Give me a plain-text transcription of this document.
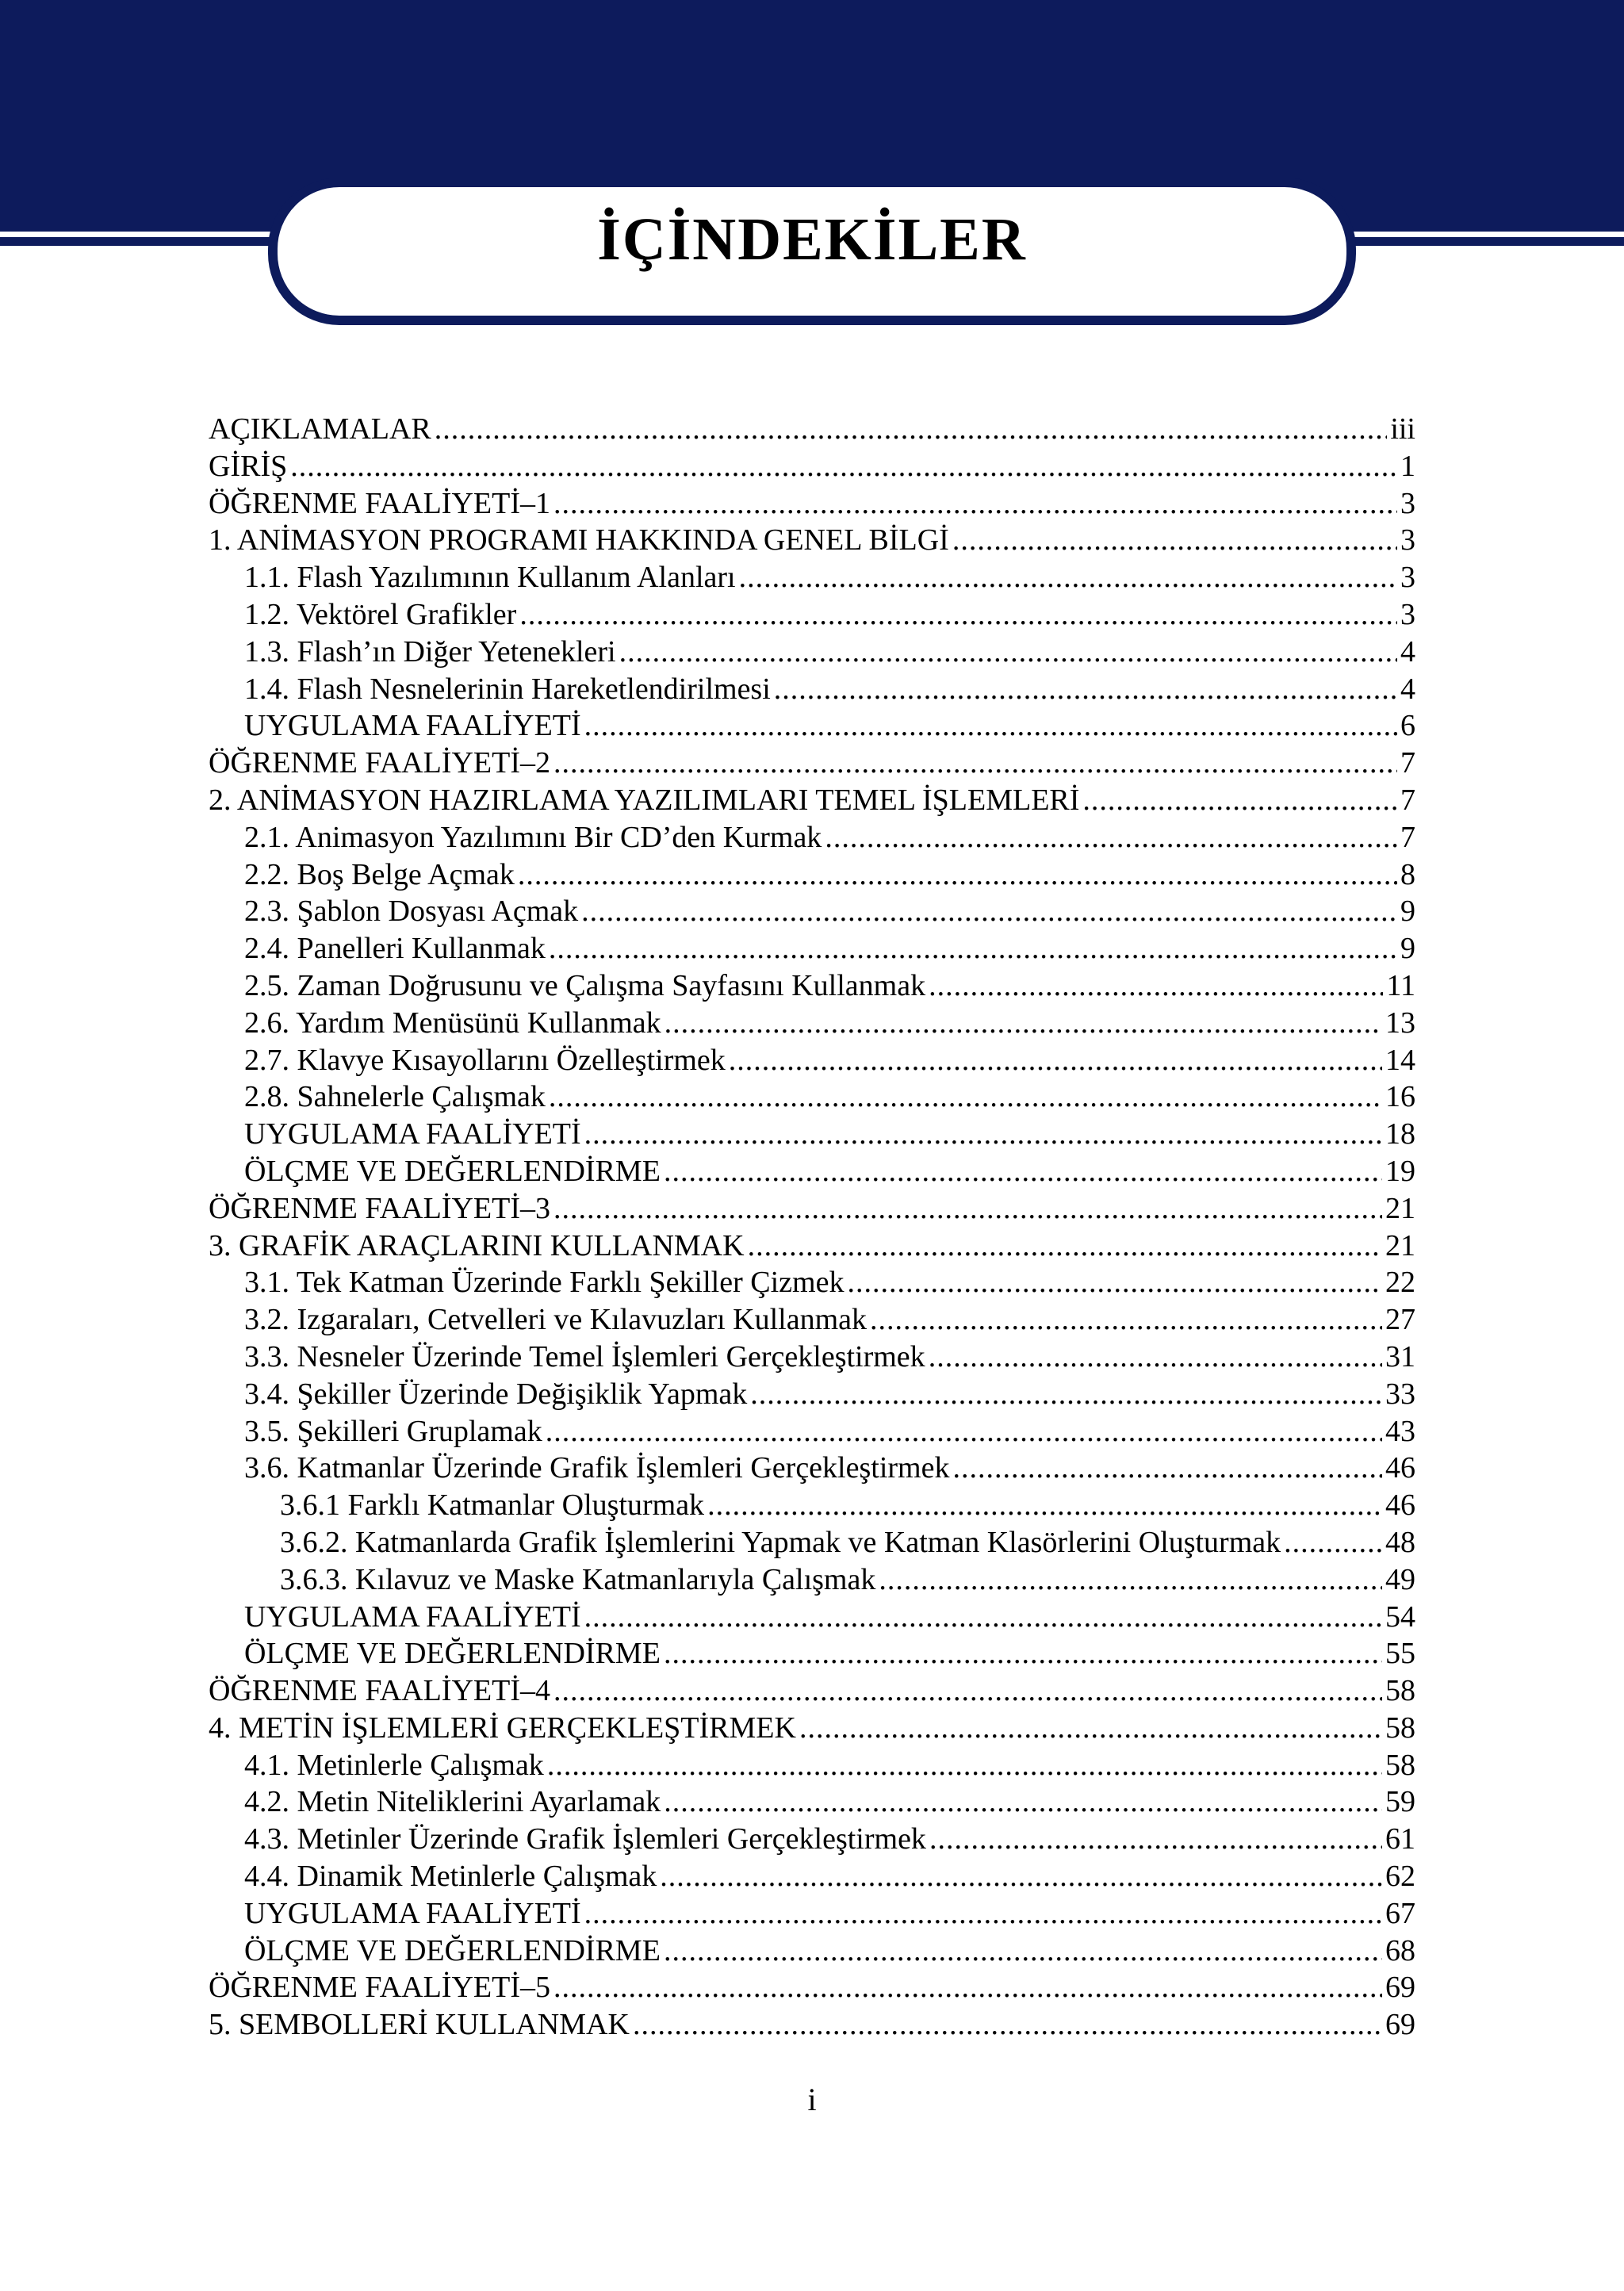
İÇİNDEKİLER
AÇIKLAMALAR .....	iii
GİRİŞ .....	1
ÖĞRENME FAALİYETİ–1 .....	3
1. ANİMASYON PROGRAMI HAKKINDA GENEL BİLGİ .....	3
1.1. Flash Yazılımının Kullanım Alanları .....	3
1.2. Vektörel Grafikler .....	3
1.3. Flash’ın Diğer Yetenekleri .....	4
1.4. Flash Nesnelerinin Hareketlendirilmesi .....	4
UYGULAMA FAALİYETİ .....	6
ÖĞRENME FAALİYETİ–2 .....	7
2. ANİMASYON HAZIRLAMA YAZILIMLARI TEMEL İŞLEMLERİ .....	7
2.1. Animasyon Yazılımını Bir CD’den Kurmak .....	7
2.2. Boş Belge Açmak .....	8
2.3. Şablon Dosyası Açmak .....	9
2.4. Panelleri Kullanmak .....	9
2.5. Zaman Doğrusunu ve Çalışma Sayfasını Kullanmak .....	11
2.6. Yardım Menüsünü Kullanmak .....	13
2.7. Klavye Kısayollarını Özelleştirmek .....	14
2.8. Sahnelerle Çalışmak .....	16
UYGULAMA FAALİYETİ .....	18
ÖLÇME VE DEĞERLENDİRME .....	19
ÖĞRENME FAALİYETİ–3 .....	21
3. GRAFİK ARAÇLARINI KULLANMAK .....	21
3.1. Tek Katman Üzerinde Farklı Şekiller Çizmek .....	22
3.2. Izgaraları, Cetvelleri ve Kılavuzları Kullanmak .....	27
3.3. Nesneler Üzerinde Temel İşlemleri Gerçekleştirmek .....	31
3.4. Şekiller Üzerinde Değişiklik Yapmak .....	33
3.5. Şekilleri Gruplamak .....	43
3.6. Katmanlar Üzerinde Grafik İşlemleri Gerçekleştirmek .....	46
3.6.1 Farklı Katmanlar Oluşturmak .....	46
3.6.2. Katmanlarda Grafik İşlemlerini Yapmak ve Katman Klasörlerini Oluşturmak .....	48
3.6.3. Kılavuz ve Maske Katmanlarıyla Çalışmak .....	49
UYGULAMA FAALİYETİ .....	54
ÖLÇME VE DEĞERLENDİRME .....	55
ÖĞRENME FAALİYETİ–4 .....	58
4. METİN İŞLEMLERİ GERÇEKLEŞTİRMEK .....	58
4.1. Metinlerle Çalışmak .....	58
4.2. Metin Niteliklerini Ayarlamak .....	59
4.3. Metinler Üzerinde Grafik İşlemleri Gerçekleştirmek .....	61
4.4. Dinamik Metinlerle Çalışmak .....	62
UYGULAMA FAALİYETİ .....	67
ÖLÇME VE DEĞERLENDİRME .....	68
ÖĞRENME FAALİYETİ–5 .....	69
5. SEMBOLLERİ KULLANMAK .....	69
i
